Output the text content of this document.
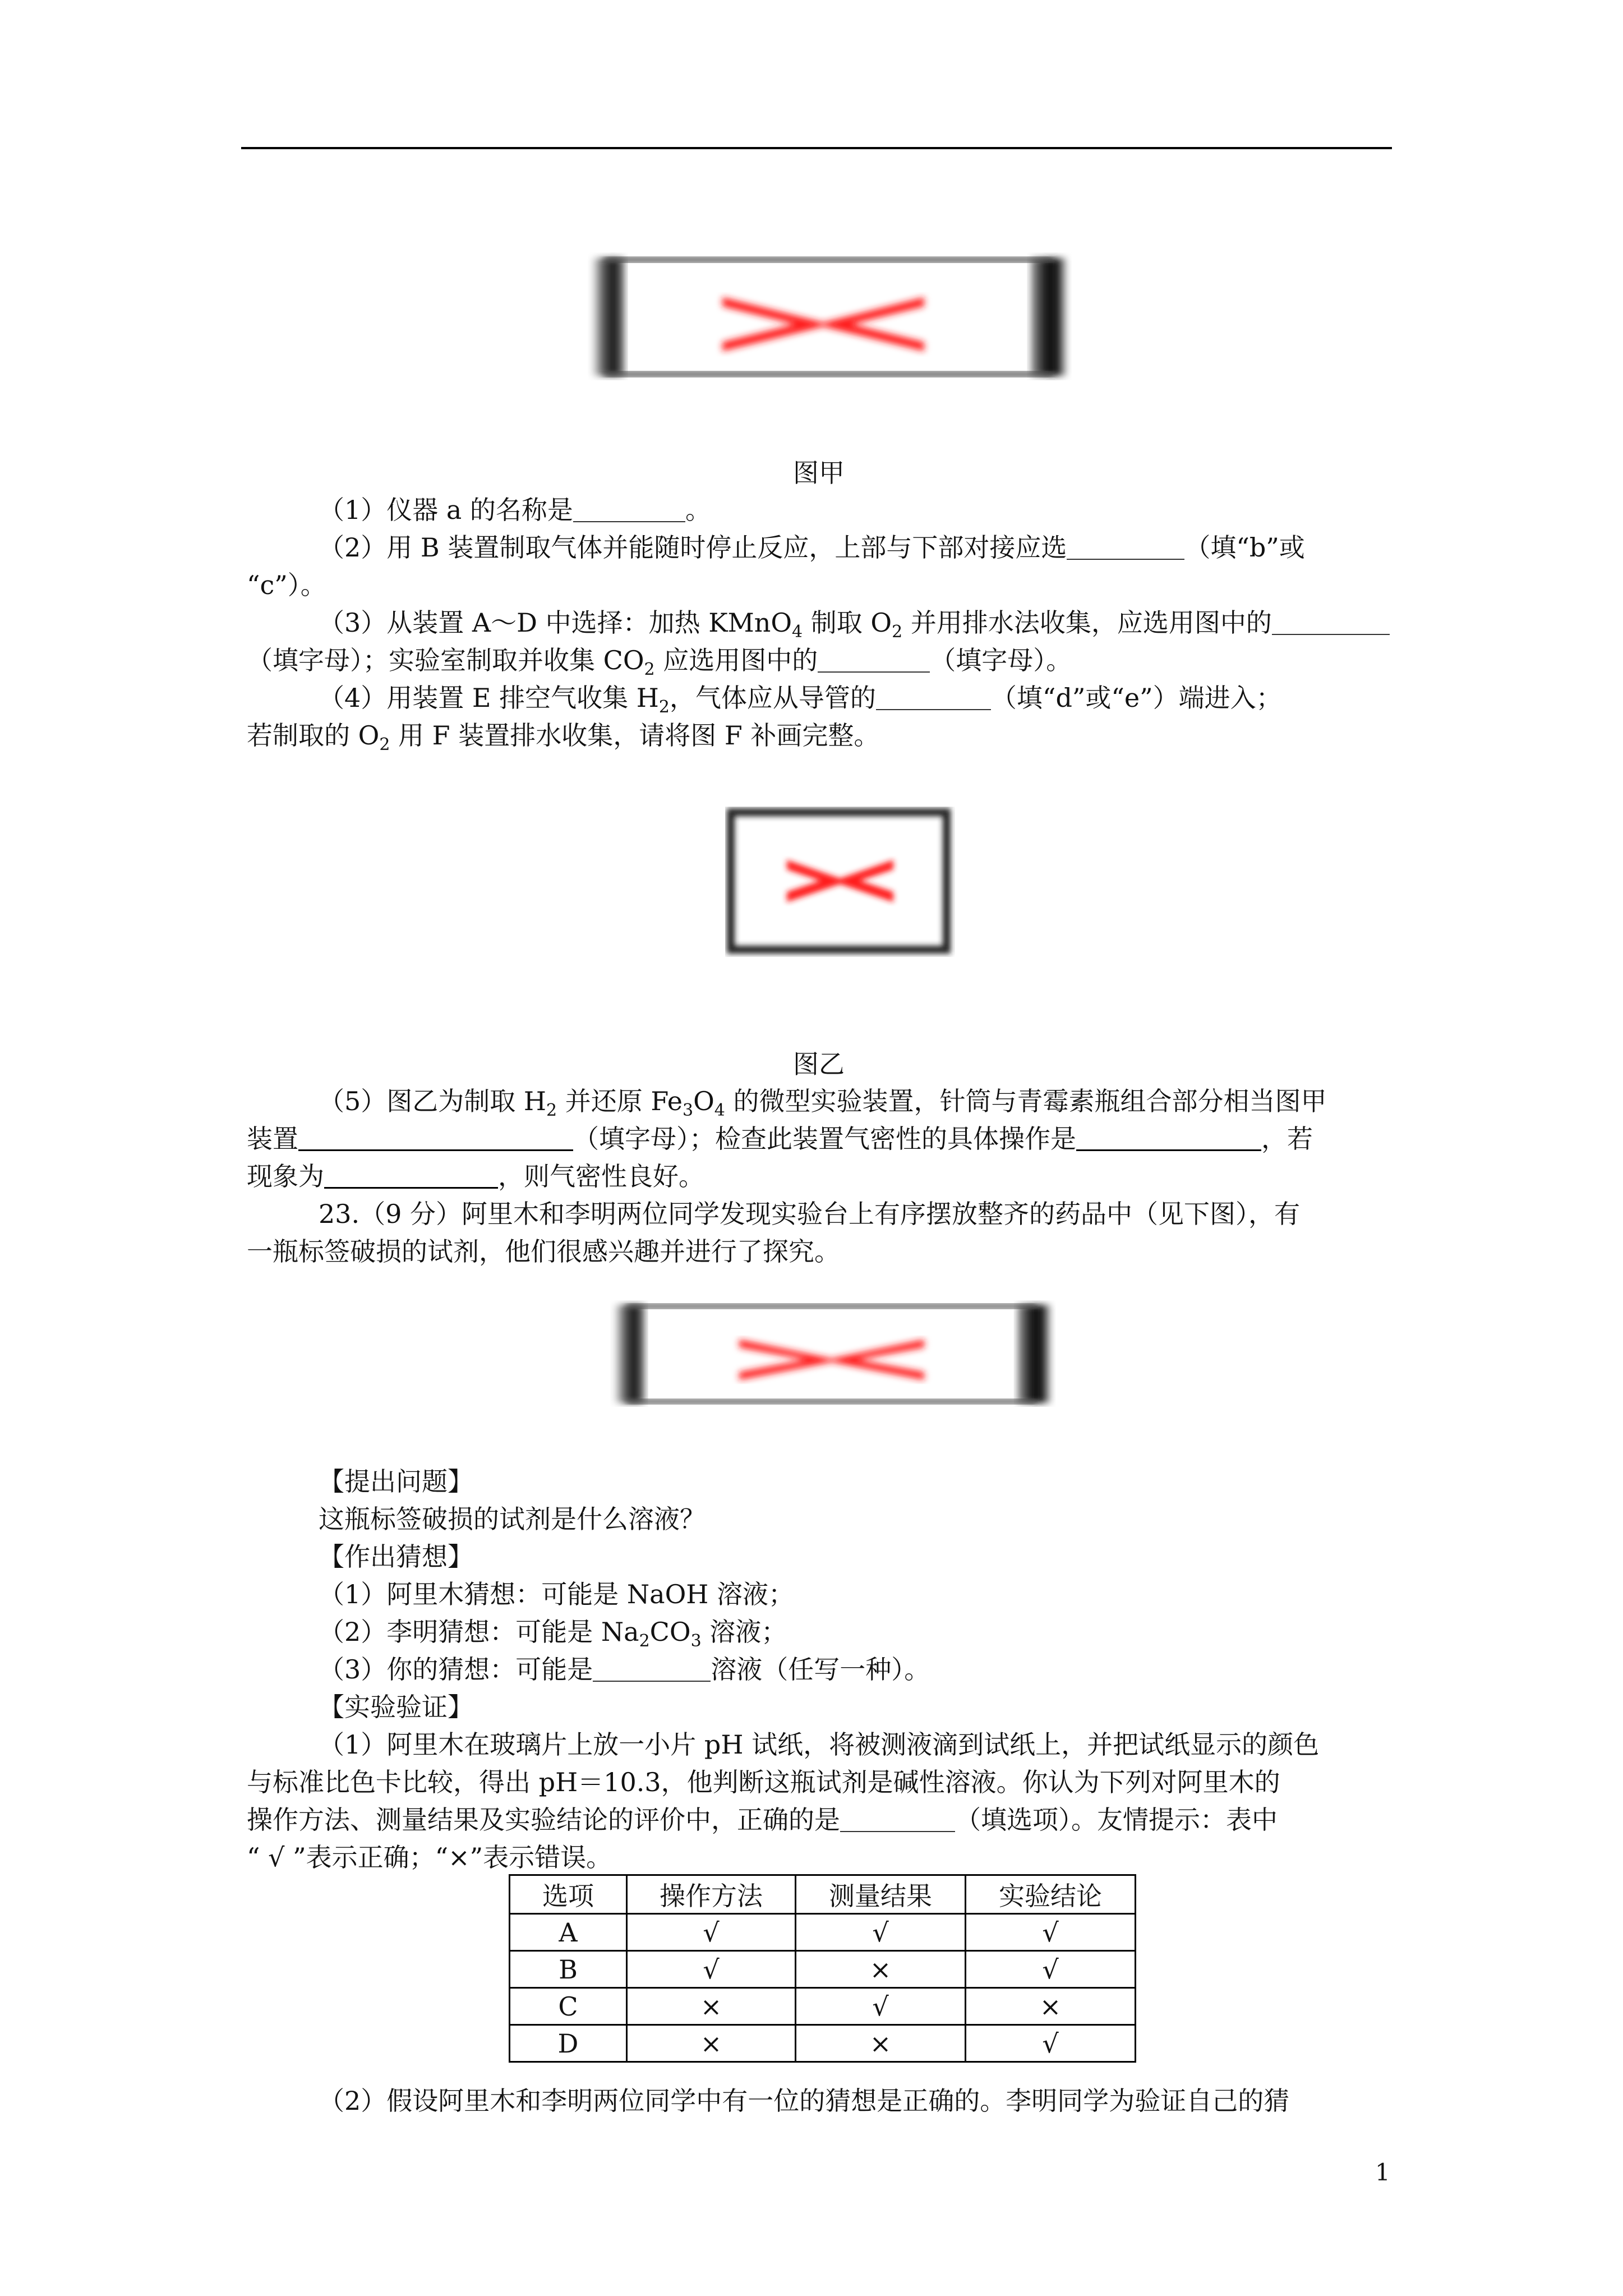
图甲
（1）仪器 a 的名称是	。
（2）用 B 装置制取气体并能随时停止反应，上部与下部对接应选	（填“b”或
“c”）。
（3）从装置 A～D 中选择：加热 KMnO$_4$ 制取 $O_2$ 并用排水法收集，应选用图中的
（填字母）；实验室制取并收集 $CO_2$ 应选用图中的	（填字母）。
（4）用装置 E 排空气收集 $H_2$，气体应从导管的	（填“d”或“e”）端进入；
若制取的 $O_2$ 用 F 装置排水收集，请将图 F 补画完整。
图乙
（5）图乙为制取 $H_2$ 并还原 $Fe_3O_4$ 的微型实验装置，针筒与青霉素瓶组合部分相当图甲
装置	（填字母）；检查此装置气密性的具体操作是	，若
现象为	，则气密性良好。
23.（9 分）阿里木和李明两位同学发现实验台上有序摆放整齐的药品中（见下图），有
一瓶标签破损的试剂，他们很感兴趣并进行了探究。
【提出问题】
这瓶标签破损的试剂是什么溶液？
【作出猜想】
（1）阿里木猜想：可能是 NaOH 溶液；
（2）李明猜想：可能是 $Na_2CO_3$ 溶液；
（3）你的猜想：可能是	溶液（任写一种）。
【实验验证】
（1）阿里木在玻璃片上放一小片 pH 试纸，将被测液滴到试纸上，并把试纸显示的颜色
与标准比色卡比较，得出 pH＝10.3，他判断这瓶试剂是碱性溶液。你认为下列对阿里木的
操作方法、测量结果及实验结论的评价中，正确的是	（填选项）。友情提示：表中
“ √ ”表示正确；“×”表示错误。
（2）假设阿里木和李明两位同学中有一位的猜想是正确的。李明同学为验证自己的猜
选项	操作方法	测量结果	实验结论
A	√	√	√
B	√	×	√
C	×	√	×
D	×	×	√
1
